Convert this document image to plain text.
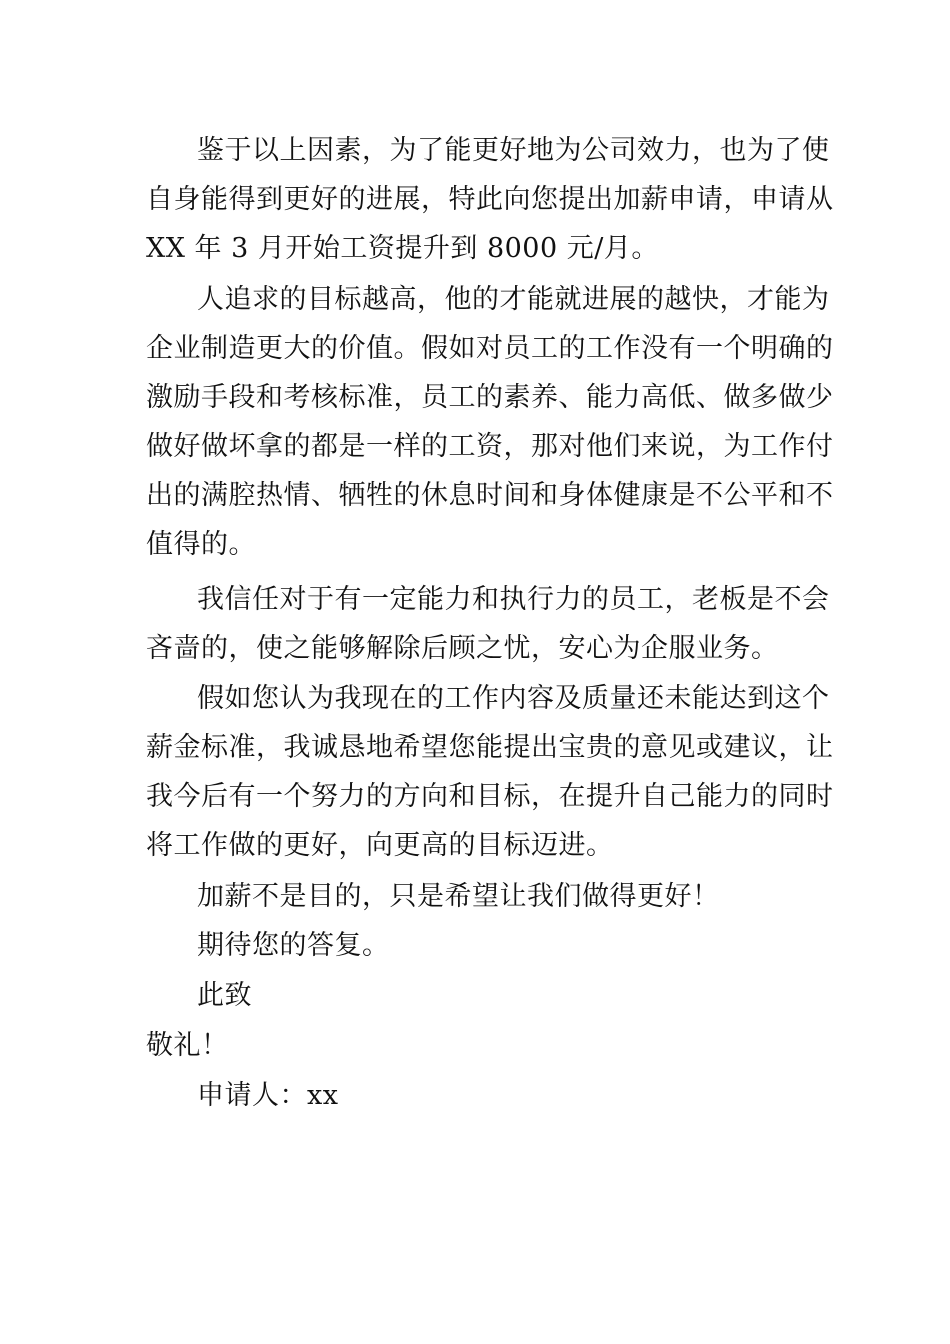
鉴于以上因素，为了能更好地为公司效力，也为了使

自身能得到更好的进展，特此向您提出加薪申请，申请从

XX 年 3 月开始工资提升到 8000 元/月。

人追求的目标越高，他的才能就进展的越快，才能为

企业制造更大的价值。假如对员工的工作没有一个明确的

激励手段和考核标准，员工的素养、能力高低、做多做少

做好做坏拿的都是一样的工资，那对他们来说，为工作付

出的满腔热情、牺牲的休息时间和身体健康是不公平和不

值得的。

我信任对于有一定能力和执行力的员工，老板是不会

吝啬的，使之能够解除后顾之忧，安心为企服业务。

假如您认为我现在的工作内容及质量还未能达到这个

薪金标准，我诚恳地希望您能提出宝贵的意见或建议，让

我今后有一个努力的方向和目标，在提升自己能力的同时

将工作做的更好，向更高的目标迈进。

加薪不是目的，只是希望让我们做得更好！

期待您的答复。

此致

敬礼！

申请人：xx
